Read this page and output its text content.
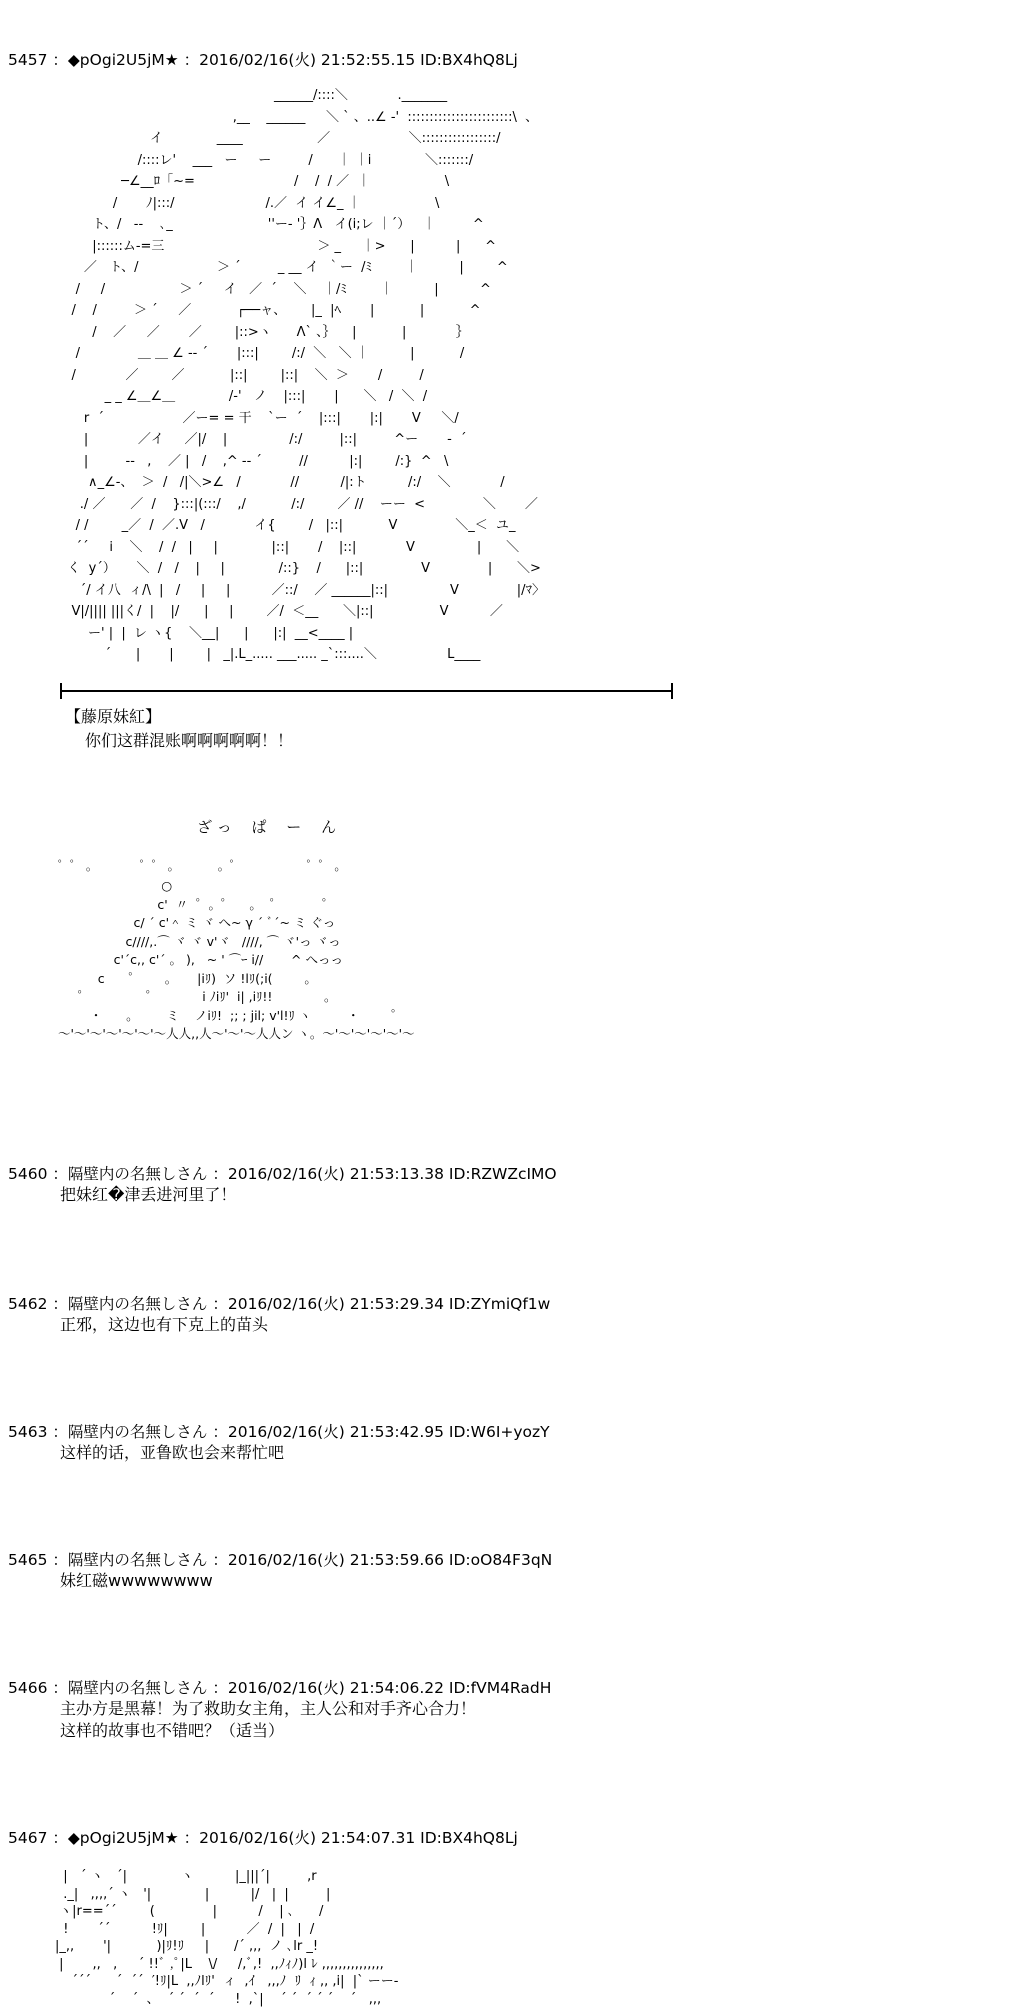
5457 ：◆pOgi2U5jM★ ：2016/02/16(火) 21:52:55.15 ID:BX4hQ8Lj
______/::::＼            ._______
,__    ______     ＼ ` 、..∠ -'  ::::::::::::::::::::::::\  、
イ             ____                  ／                   ＼:::::::::::::::::/
/::::レ'    ___   ー     ー         /      ｜ ｜i             ＼:::::::/
─∠__ﾛ「~=                        /    /  / ／  ｜                  \
/       ﾉ|:::/                      /.／  イ イ∠_ ｜                  \
ト、/   --    ､_                       ''ー- '｝Λ   イ(i;レ ｜´）   ｜         ^
|::::::ム-=三                                     ＞ _     ｜>      |          |      ^
／   ト、/                   ＞ ´         _ __ イ  ｀ー  /ﾐ        ｜          |        ^
/     /                  ＞ ´     イ   ／  ´    ＼    ｜/ﾐ        ｜          |          ^
/    /         ＞ ´     ／           ┌──ャ、      |_  |ﾍ       |           |           ^
/    ／     ／       ／        |::>ヽ      Λ` 、｝    |           |            ｝
/              ＿ ＿ ∠ -- ´       |:::|        /:/  ＼   ＼ ｜          |           /
/            ／        ／           |::|        |::|    ＼  ＞       /         /
_ _ ∠＿∠＿             /-'   ノ    |:::|       |      ＼   /  ＼  /
r  ´                   ／ー= = 干    `ー  ´    |:::|       |:|       V     ＼/
|            ／イ     ／|/    |               /:/         |::|         ^ー       -  ´
|         --   ,    ／ |   /    ,^ -- ´         //          |:|        /:}  ^   \
∧_∠-、  ＞  /   /|＼>∠   /            //          /|:ト          /:/    ＼            /
./ ／      ／  /    }:::|(:::/    ,/           /:/        ／ //    ーー  <              ＼       ／
/ /        _／  /  ／.V   /            イ{        /   |::|           V              ＼_＜  ユ_
´´     i    ＼    /  /   |     |             |::|       /    |::|            V               |      ＼
く  y´）     ＼  /   /    |     |             /::}    /      |::|              V              |      ＼>
´/ イ八  ィ/\  |   /     |     |          ／::/    ／ ______|::|               V              |/ﾏ〉
V|/|||| |||く/  |    |/      |     |        ／/  ＜__      ＼|::|                V          ／
ー' |  |  レ ヽ{    ＼__|      |      |:|  __<____ |
´      |       |        |   _|.L_..... ___..... _`:::....＼                 L____
【藤原妹紅】
你们这群混账啊啊啊啊啊！！
ざ っ　 ぱ 　ー 　ん
゜゜ 。           ゜゜ 。          。゜                 ゜゜ 。
○
c'  〃  ゜。゜    。  ゜          ゜
c/ ´ c'＾ ミ ヾ へ~ γ ´ ﾞ´~ ミ ぐっ
c////,.⌒ ヾ ヾ v'ヾ   ////, ⌒ ヾ'っ ヾっ
c'´c,, c'´ 。 ),   ~ ' ⌒ｰ i//       ^ へっっ
c      ゜      。     |iﾘ)  ソ !lﾘ(;i(        。
゜              ゜           i ﾉiﾘ'  i| ,iﾘ!!             。
・      。       ミ    ノiﾘ!  ;; ; jil; v'l!ﾘ ヽ         ・        ゜
～'～'～'～'～'～'～人人,,人～'～'～人人ン ヽ。～'～'～'～'～'～
5460 ：隔壁内の名無しさん ：2016/02/16(火) 21:53:13.38 ID:RZWZcIMO
把妹红�津丢进河里了！
5462 ：隔壁内の名無しさん ：2016/02/16(火) 21:53:29.34 ID:ZYmiQf1w
正邪，这边也有下克上的苗头
5463 ：隔壁内の名無しさん ：2016/02/16(火) 21:53:42.95 ID:W6I+yozY
这样的话，亚鲁欧也会来帮忙吧
5465 ：隔壁内の名無しさん ：2016/02/16(火) 21:53:59.66 ID:oO84F3qN
妹红磁wwwwwwww
5466 ：隔壁内の名無しさん ：2016/02/16(火) 21:54:06.22 ID:fVM4RadH
主办方是黑幕！为了救助女主角，主人公和对手齐心合力！
这样的故事也不错吧？（适当）
5467 ：◆pOgi2U5jM★ ：2016/02/16(火) 21:54:07.31 ID:BX4hQ8Lj
|   ´ ヽ   ´|             ヽ          |_|||´|         ,r
._|   ,,,,´ ヽ   '|             |          |/   |  |         |
ヽ|r==´´        (              |          /    | ､      /
!       ´´          !ﾘ|        |          ／  /  |   |  /
|_,,       '|           )|ﾘ!ﾘ     |      /´ ,,,  ノ ､lr _!
|       ,,   ,     ´ !!ﾞ ,ﾟ|L    \/     /,ﾞ,!  ,,ﾉｨﾉ)l ﾚ ,,,,,,,,,,,,,,,
´´´      ´  ´´  ′!ﾘ|L  ,,ﾉlﾘ'  ィ  ,ｲ   ,,,ﾉ  ﾘ  ｨ ,, ,i|  |` ーー-
´    ´  、  ´ ´  ´  ´     !  ,`|    ´ ´  ´ ´ ´    ´   ,,,
